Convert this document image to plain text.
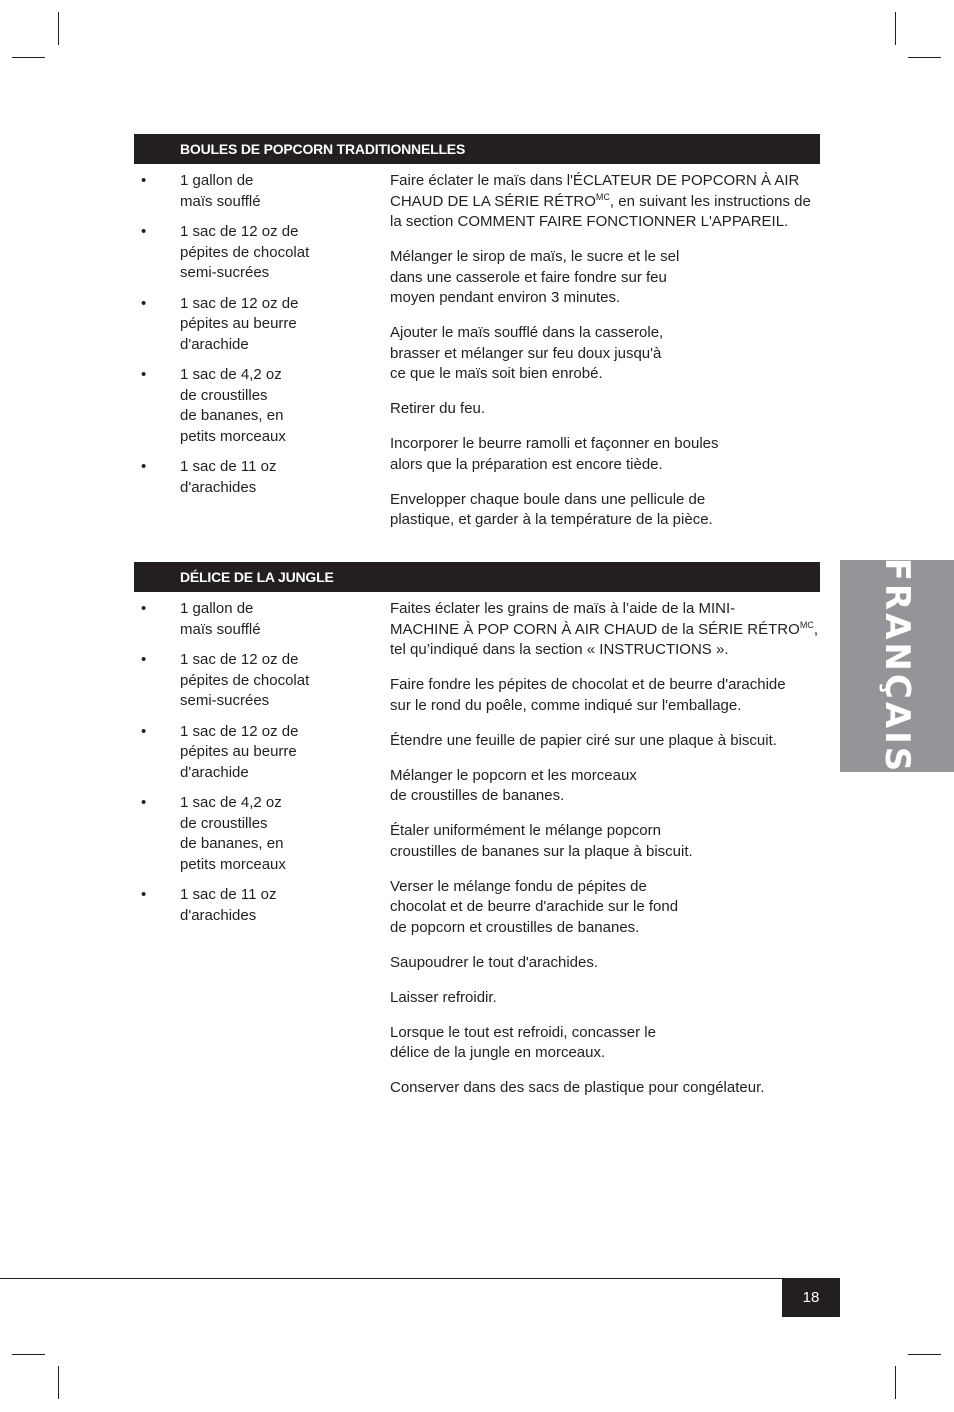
BOULES DE POPCORN TRADITIONNELLES
• 1 gallon de
maïs soufflé
• 1 sac de 12 oz de
pépites de chocolat
semi-sucrées
• 1 sac de 12 oz de
pépites au beurre
d'arachide
• 1 sac de 4,2 oz
de croustilles
de bananes, en
petits morceaux
• 1 sac de 11 oz
d'arachides

Faire éclater le maïs dans l'ÉCLATEUR DE POPCORN À AIR
CHAUD DE LA SÉRIE $RÉTRO^{MC}$, en suivant les instructions de
la section COMMENT FAIRE FONCTIONNER L'APPAREIL.

Mélanger le sirop de maïs, le sucre et le sel
dans une casserole et faire fondre sur feu
moyen pendant environ 3 minutes.

Ajouter le maïs soufflé dans la casserole,
brasser et mélanger sur feu doux jusqu'à
ce que le maïs soit bien enrobé.

Retirer du feu.

Incorporer le beurre ramolli et façonner en boules
alors que la préparation est encore tiède.

Envelopper chaque boule dans une pellicule de
plastique, et garder à la température de la pièce.

DÉLICE DE LA JUNGLE
• 1 gallon de
maïs soufflé
• 1 sac de 12 oz de
pépites de chocolat
semi-sucrées
• 1 sac de 12 oz de
pépites au beurre
d'arachide
• 1 sac de 4,2 oz
de croustilles
de bananes, en
petits morceaux
• 1 sac de 11 oz
d'arachides

Faites éclater les grains de maïs à l’aide de la MINI-
MACHINE À POP CORN À AIR CHAUD de la SÉRIE $RÉTRO^{MC}$,
tel qu’indiqué dans la section « INSTRUCTIONS ».

Faire fondre les pépites de chocolat et de beurre d'arachide
sur le rond du poêle, comme indiqué sur l'emballage.

Étendre une feuille de papier ciré sur une plaque à biscuit.

Mélanger le popcorn et les morceaux
de croustilles de bananes.

Étaler uniformément le mélange popcorn
croustilles de bananes sur la plaque à biscuit.

Verser le mélange fondu de pépites de
chocolat et de beurre d'arachide sur le fond
de popcorn et croustilles de bananes.

Saupoudrer le tout d'arachides.

Laisser refroidir.

Lorsque le tout est refroidi, concasser le
délice de la jungle en morceaux.

Conserver dans des sacs de plastique pour congélateur.

FRANÇAIS
18
